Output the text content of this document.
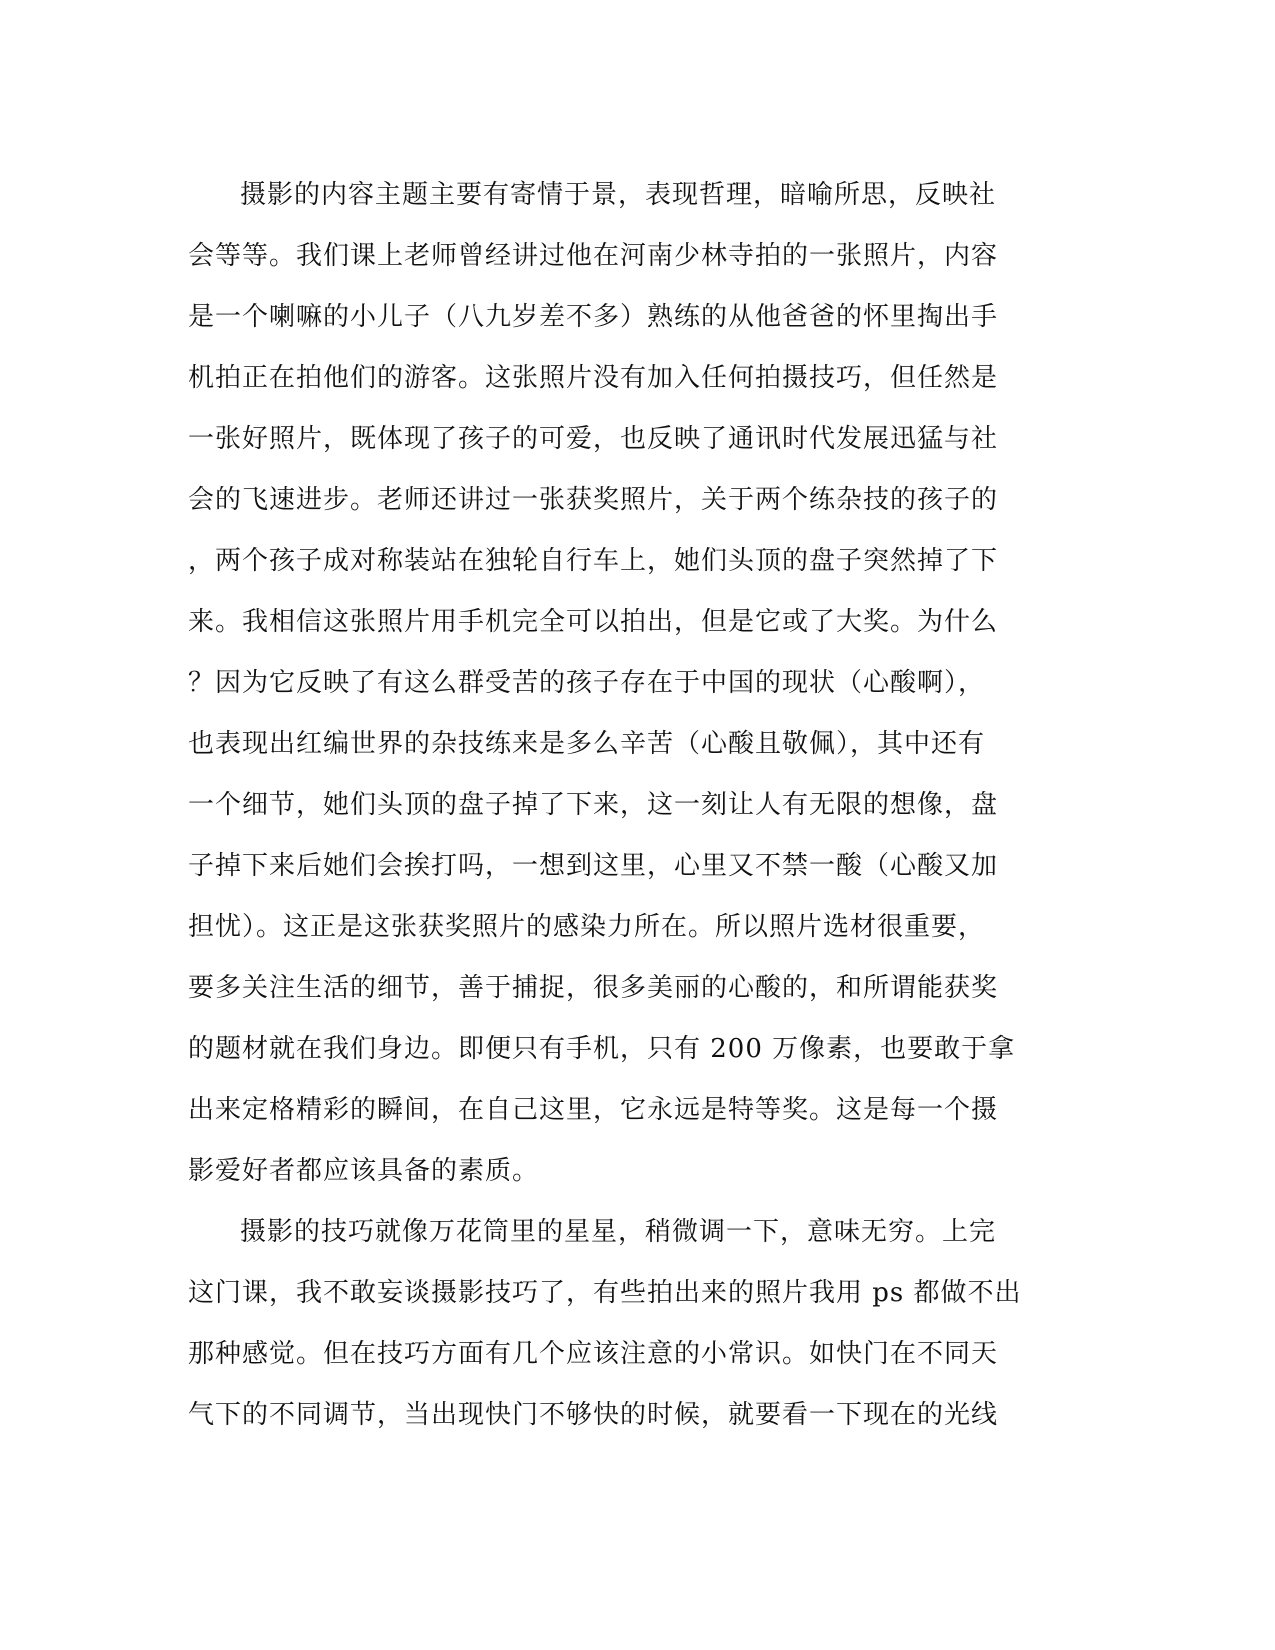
摄影的内容主题主要有寄情于景，表现哲理，暗喻所思，反映社
会等等。我们课上老师曾经讲过他在河南少林寺拍的一张照片，内容
是一个喇嘛的小儿子（八九岁差不多）熟练的从他爸爸的怀里掏出手
机拍正在拍他们的游客。这张照片没有加入任何拍摄技巧，但任然是
一张好照片，既体现了孩子的可爱，也反映了通讯时代发展迅猛与社
会的飞速进步。老师还讲过一张获奖照片，关于两个练杂技的孩子的
，两个孩子成对称装站在独轮自行车上，她们头顶的盘子突然掉了下
来。我相信这张照片用手机完全可以拍出，但是它或了大奖。为什么
？因为它反映了有这么群受苦的孩子存在于中国的现状（心酸啊），
也表现出红编世界的杂技练来是多么辛苦（心酸且敬佩），其中还有
一个细节，她们头顶的盘子掉了下来，这一刻让人有无限的想像，盘
子掉下来后她们会挨打吗，一想到这里，心里又不禁一酸（心酸又加
担忧）。这正是这张获奖照片的感染力所在。所以照片选材很重要，
要多关注生活的细节，善于捕捉，很多美丽的心酸的，和所谓能获奖
的题材就在我们身边。即便只有手机，只有 200 万像素，也要敢于拿
出来定格精彩的瞬间，在自己这里，它永远是特等奖。这是每一个摄
影爱好者都应该具备的素质。

摄影的技巧就像万花筒里的星星，稍微调一下，意味无穷。上完
这门课，我不敢妄谈摄影技巧了，有些拍出来的照片我用 ps 都做不出
那种感觉。但在技巧方面有几个应该注意的小常识。如快门在不同天
气下的不同调节，当出现快门不够快的时候，就要看一下现在的光线
